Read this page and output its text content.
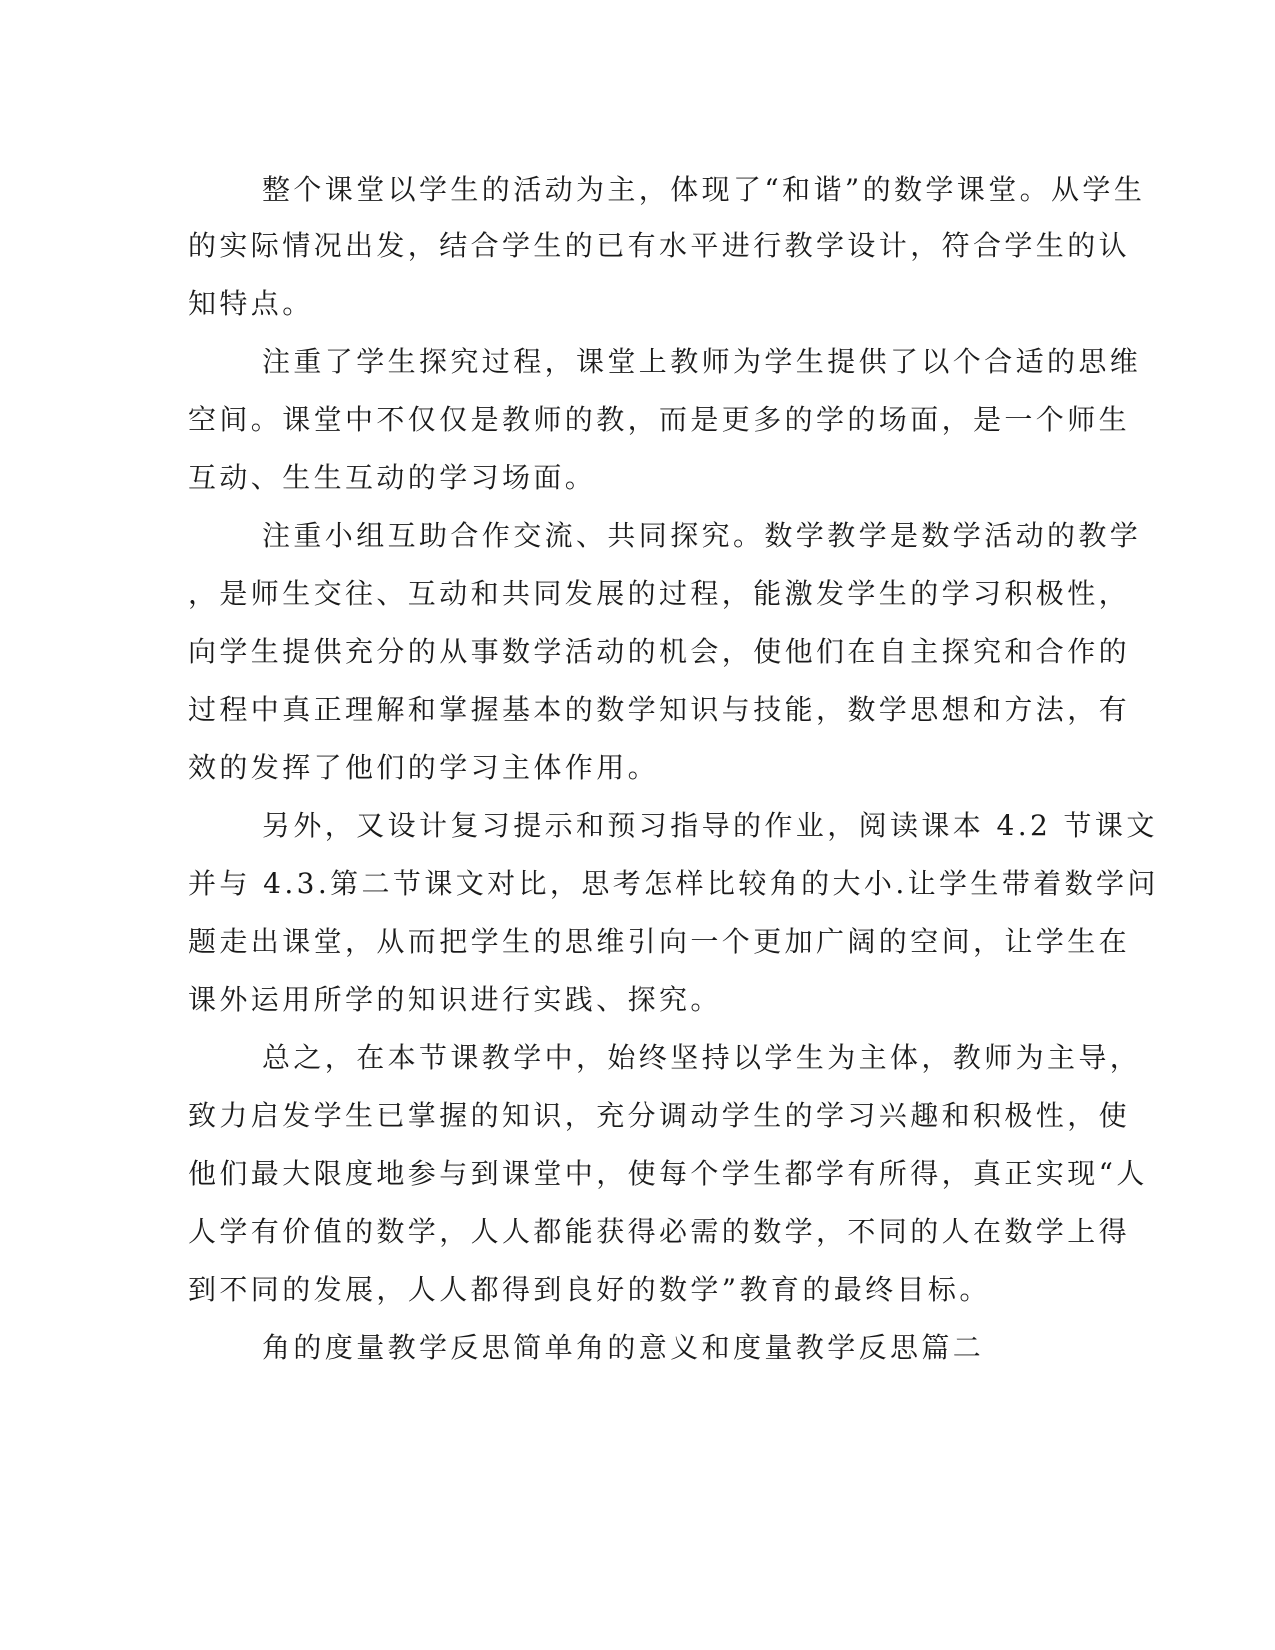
整个课堂以学生的活动为主，体现了“和谐”的数学课堂。从学生
的实际情况出发，结合学生的已有水平进行教学设计，符合学生的认
知特点。
注重了学生探究过程，课堂上教师为学生提供了以个合适的思维
空间。课堂中不仅仅是教师的教，而是更多的学的场面，是一个师生
互动、生生互动的学习场面。
注重小组互助合作交流、共同探究。数学教学是数学活动的教学
，是师生交往、互动和共同发展的过程，能激发学生的学习积极性，
向学生提供充分的从事数学活动的机会，使他们在自主探究和合作的
过程中真正理解和掌握基本的数学知识与技能，数学思想和方法，有
效的发挥了他们的学习主体作用。
另外，又设计复习提示和预习指导的作业，阅读课本 4.2 节课文
并与 4.3.第二节课文对比，思考怎样比较角的大小.让学生带着数学问
题走出课堂，从而把学生的思维引向一个更加广阔的空间，让学生在
课外运用所学的知识进行实践、探究。
总之，在本节课教学中，始终坚持以学生为主体，教师为主导，
致力启发学生已掌握的知识，充分调动学生的学习兴趣和积极性，使
他们最大限度地参与到课堂中，使每个学生都学有所得，真正实现“人
人学有价值的数学，人人都能获得必需的数学，不同的人在数学上得
到不同的发展，人人都得到良好的数学”教育的最终目标。
角的度量教学反思简单角的意义和度量教学反思篇二
